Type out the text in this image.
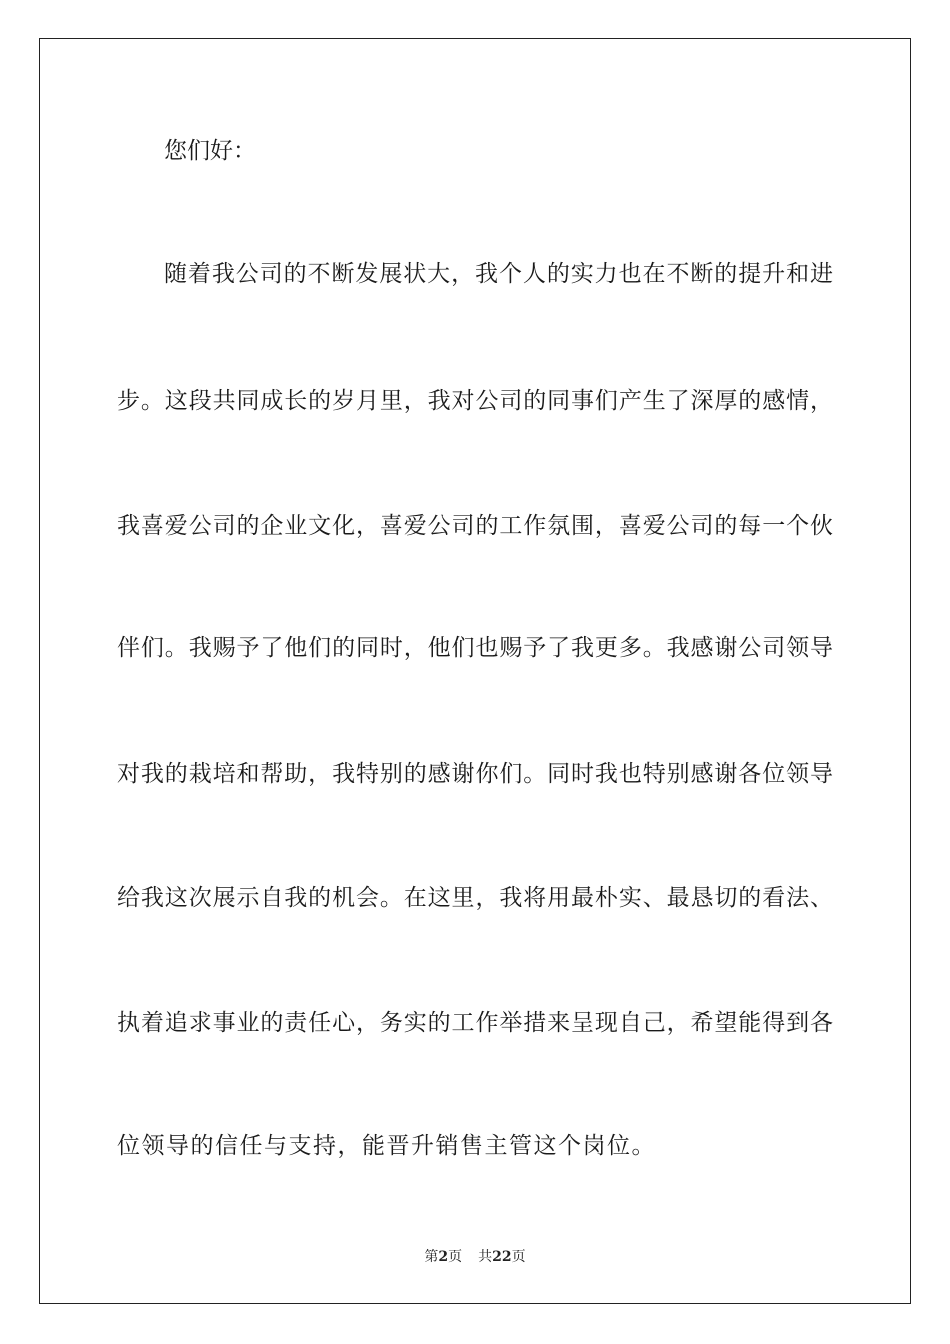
您们好：
随着我公司的不断发展状大，我个人的实力也在不断的提升和进
步。这段共同成长的岁月里，我对公司的同事们产生了深厚的感情，
我喜爱公司的企业文化，喜爱公司的工作氛围，喜爱公司的每一个伙
伴们。我赐予了他们的同时，他们也赐予了我更多。我感谢公司领导
对我的栽培和帮助，我特别的感谢你们。同时我也特别感谢各位领导
给我这次展示自我的机会。在这里，我将用最朴实、最恳切的看法、
执着追求事业的责任心，务实的工作举措来呈现自己，希望能得到各
位领导的信任与支持，能晋升销售主管这个岗位。
第2页 共22页
